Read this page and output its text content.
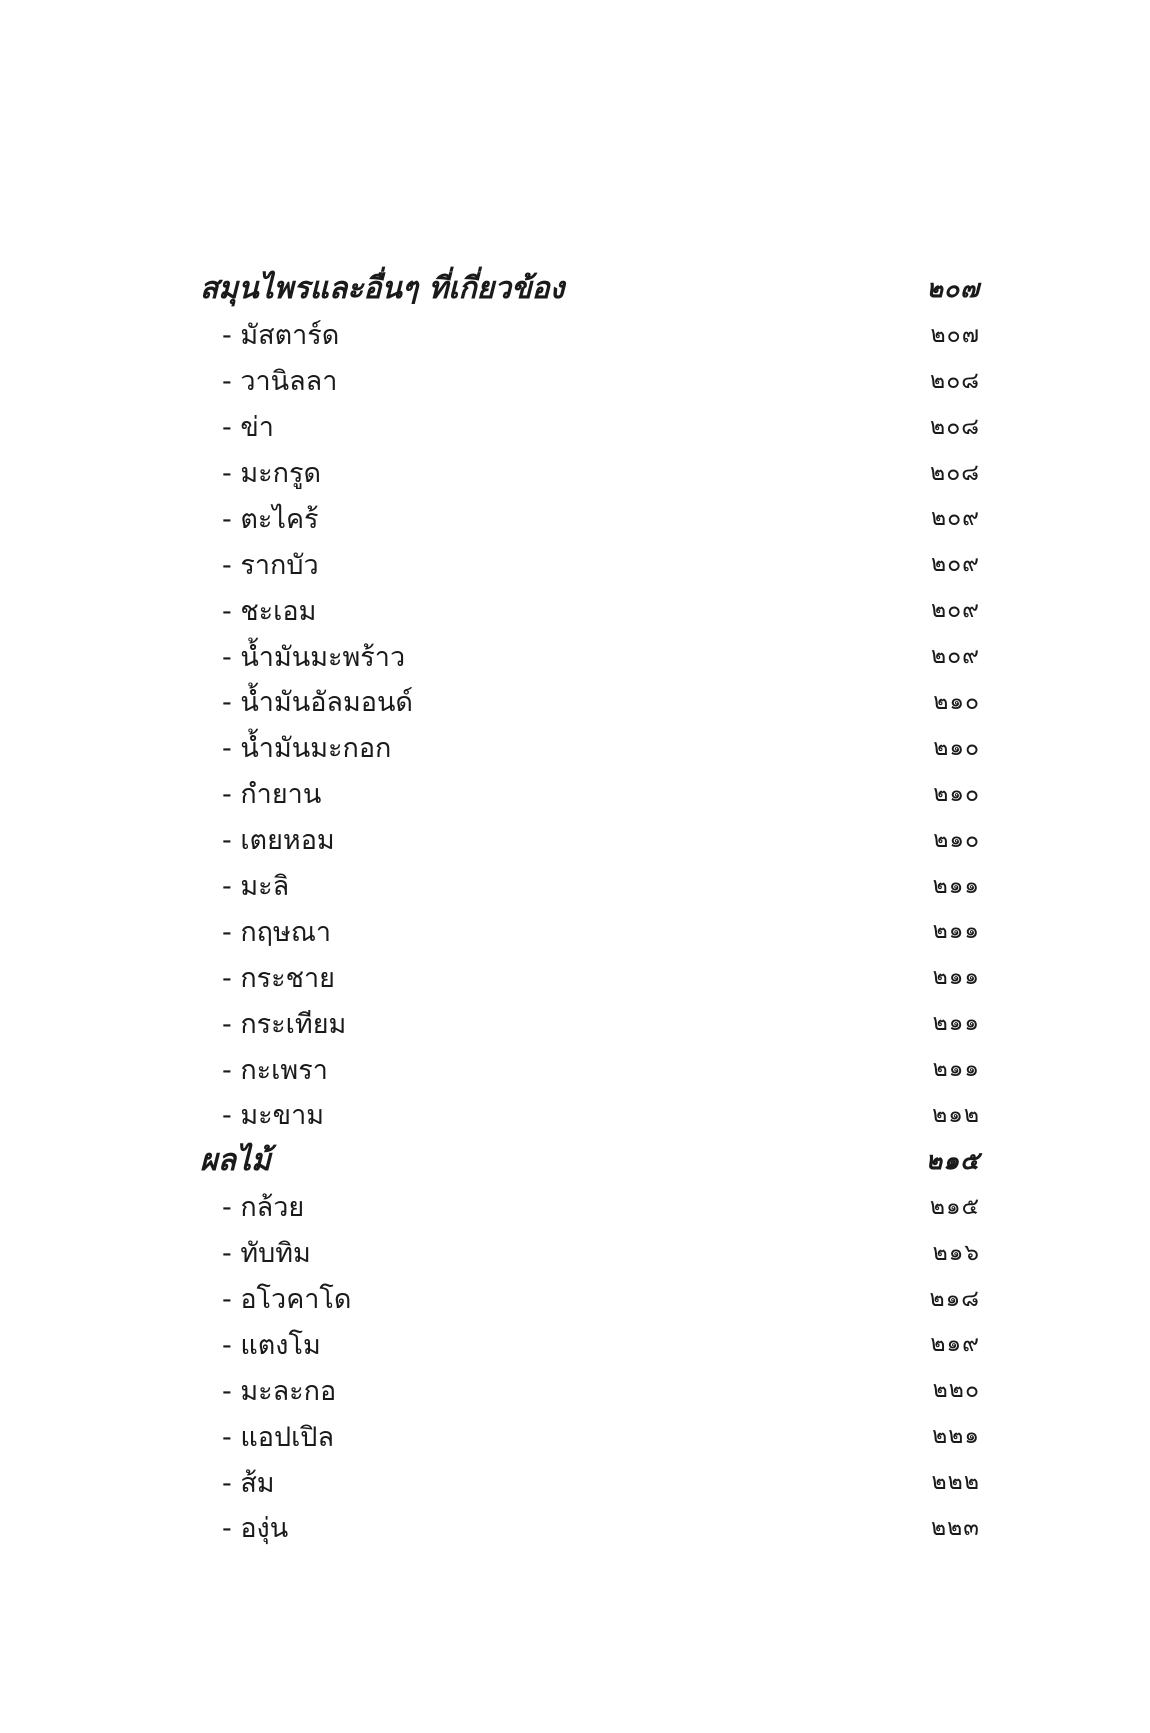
สมุนไพรและอื่นๆ ที่เกี่ยวข้อง	๒๐๗
- มัสตาร์ด	๒๐๗
- วานิลลา	๒๐๘
- ข่า	๒๐๘
- มะกรูด	๒๐๘
- ตะไคร้	๒๐๙
- รากบัว	๒๐๙
- ชะเอม	๒๐๙
- น้ำมันมะพร้าว	๒๐๙
- น้ำมันอัลมอนด์	๒๑๐
- น้ำมันมะกอก	๒๑๐
- กำยาน	๒๑๐
- เตยหอม	๒๑๐
- มะลิ	๒๑๑
- กฤษณา	๒๑๑
- กระชาย	๒๑๑
- กระเทียม	๒๑๑
- กะเพรา	๒๑๑
- มะขาม	๒๑๒
ผลไม้	๒๑๕
- กล้วย	๒๑๕
- ทับทิม	๒๑๖
- อโวคาโด	๒๑๘
- แตงโม	๒๑๙
- มะละกอ	๒๒๐
- แอปเปิล	๒๒๑
- ส้ม	๒๒๒
- องุ่น	๒๒๓
